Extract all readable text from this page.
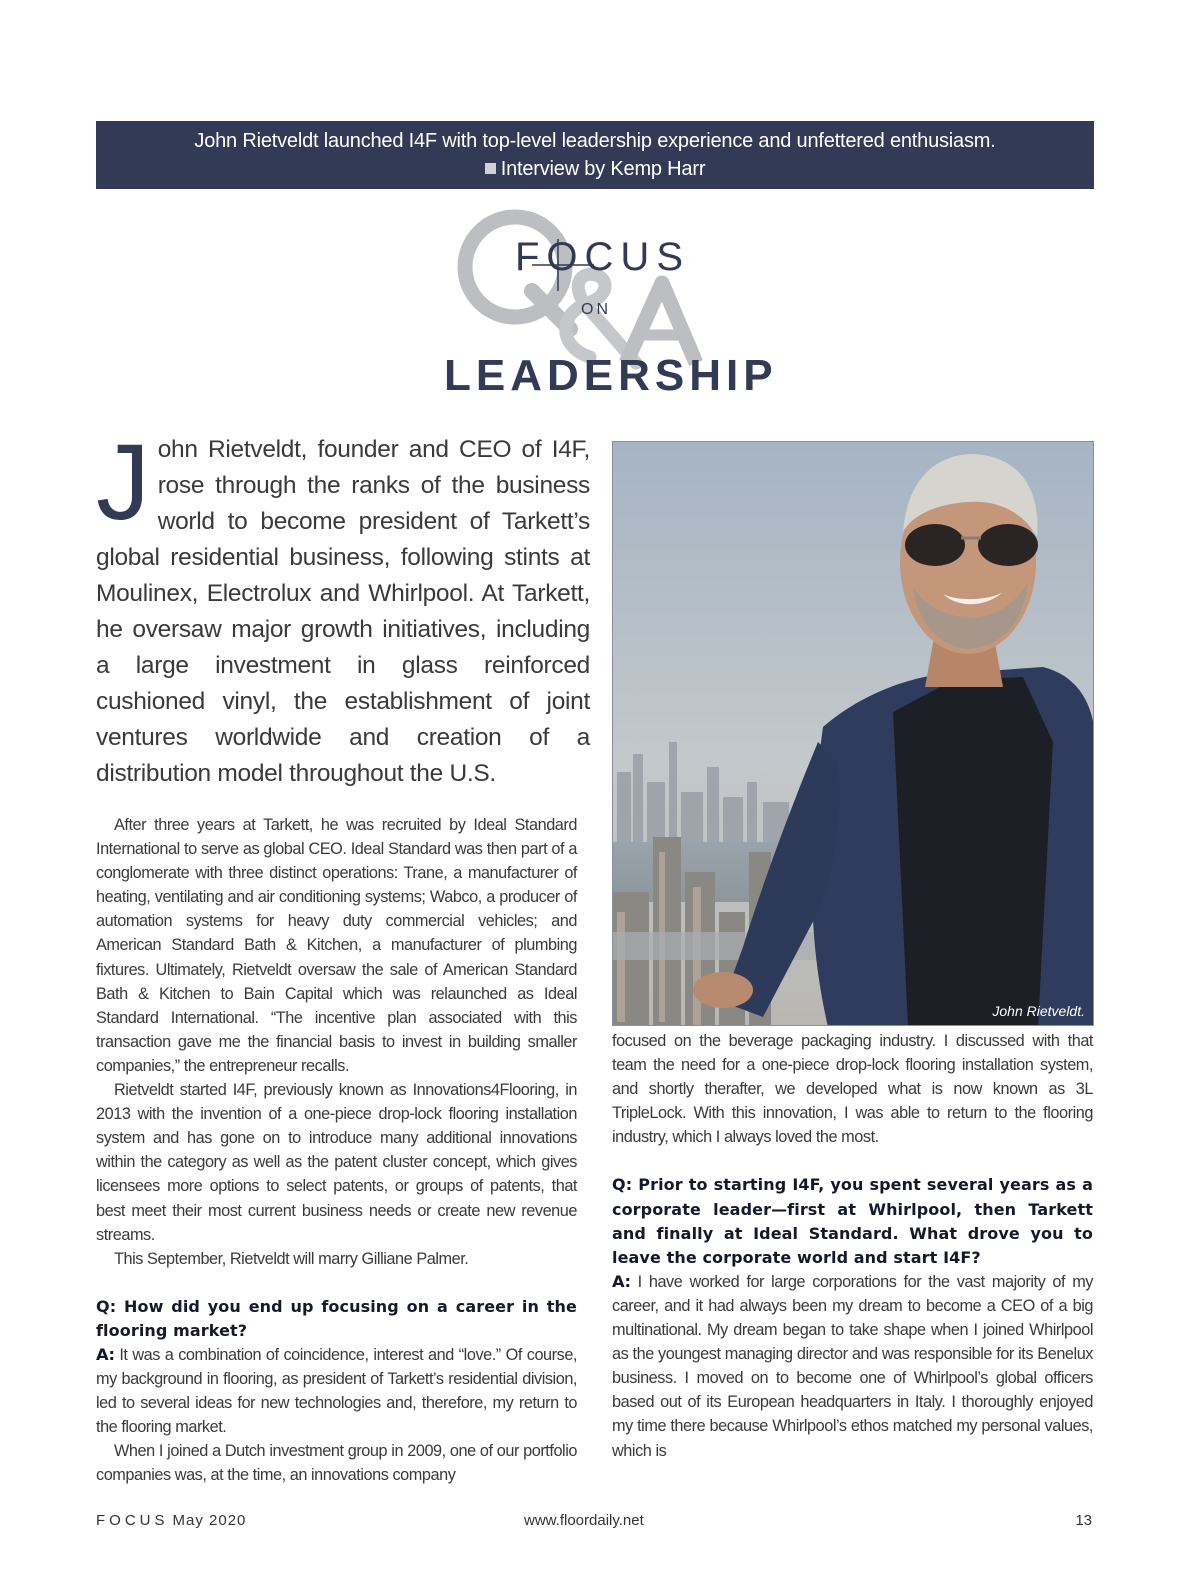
John Rietveldt launched I4F with top-level leadership experience and unfettered enthusiasm.
Interview by Kemp Harr
FOCUS
ON
LEADERSHIP
John Rietveldt, founder and CEO of I4F, rose through the ranks of the business world to become president of Tarkett’s global residential business, following stints at Moulinex, Electrolux and Whirlpool. At Tarkett, he oversaw major growth initiatives, including a large investment in glass reinforced cushioned vinyl, the establishment of joint ventures worldwide and creation of a distribution model throughout the U.S.

After three years at Tarkett, he was recruited by Ideal Standard International to serve as global CEO. Ideal Standard was then part of a conglomerate with three distinct operations: Trane, a manufacturer of heating, ventilating and air conditioning systems; Wabco, a producer of automation systems for heavy duty commercial vehicles; and American Standard Bath & Kitchen, a manufacturer of plumbing fixtures. Ultimately, Rietveldt oversaw the sale of American Standard Bath & Kitchen to Bain Capital which was relaunched as Ideal Standard International. “The incentive plan associated with this transaction gave me the financial basis to invest in building smaller companies,” the entrepreneur recalls.

Rietveldt started I4F, previously known as Innovations4Flooring, in 2013 with the invention of a one-piece drop-lock flooring installation system and has gone on to introduce many additional innovations within the category as well as the patent cluster concept, which gives licensees more options to select patents, or groups of patents, that best meet their most current business needs or create new revenue streams.

This September, Rietveldt will marry Gilliane Palmer.

Q: How did you end up focusing on a career in the flooring market?

A: It was a combination of coincidence, interest and “love.” Of course, my background in flooring, as president of Tarkett’s residential division, led to several ideas for new technologies and, therefore, my return to the flooring market.

When I joined a Dutch investment group in 2009, one of our portfolio companies was, at the time, an innovations company

John Rietveldt.

focused on the beverage packaging industry. I discussed with that team the need for a one-piece drop-lock flooring installation system, and shortly therafter, we developed what is now known as 3L TripleLock. With this innovation, I was able to return to the flooring industry, which I always loved the most.

Q: Prior to starting I4F, you spent several years as a corporate leader—first at Whirlpool, then Tarkett and finally at Ideal Standard. What drove you to leave the corporate world and start I4F?

A: I have worked for large corporations for the vast majority of my career, and it had always been my dream to become a CEO of a big multinational. My dream began to take shape when I joined Whirlpool as the youngest managing director and was responsible for its Benelux business. I moved on to become one of Whirlpool’s global officers based out of its European headquarters in Italy. I thoroughly enjoyed my time there because Whirlpool’s ethos matched my personal values, which is

FOCUS May 2020	www.floordaily.net	13
